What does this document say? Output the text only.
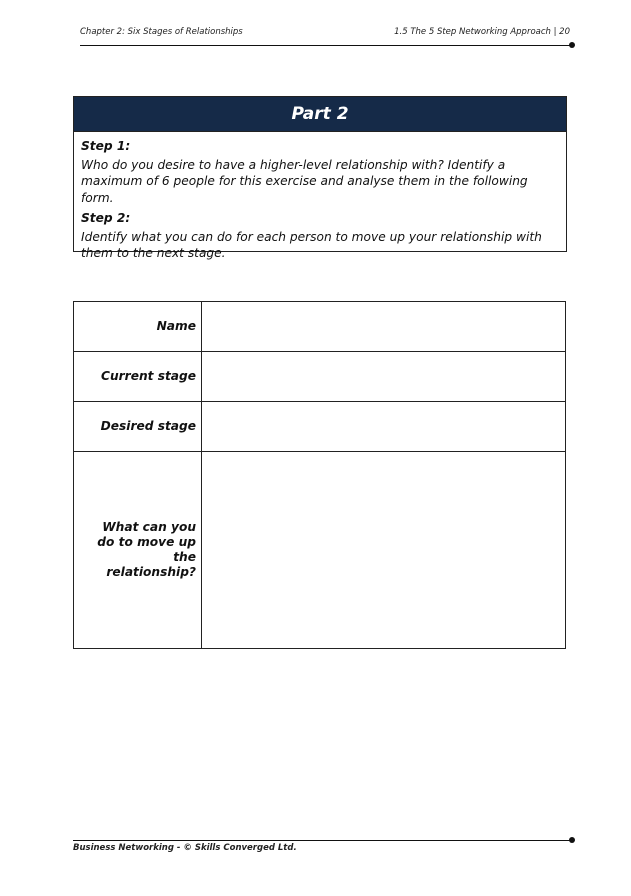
Chapter 2: Six Stages of Relationships	1.5 The 5 Step Networking Approach | 20
Part 2
Step 1:
Who do you desire to have a higher-level relationship with? Identify a maximum of 6 people for this exercise and analyse them in the following form.
Step 2:
Identify what you can do for each person to move up your relationship with them to the next stage.
Name	
Current stage	
Desired stage	
What can you do to move up the relationship?	
Business Networking - © Skills Converged Ltd.
